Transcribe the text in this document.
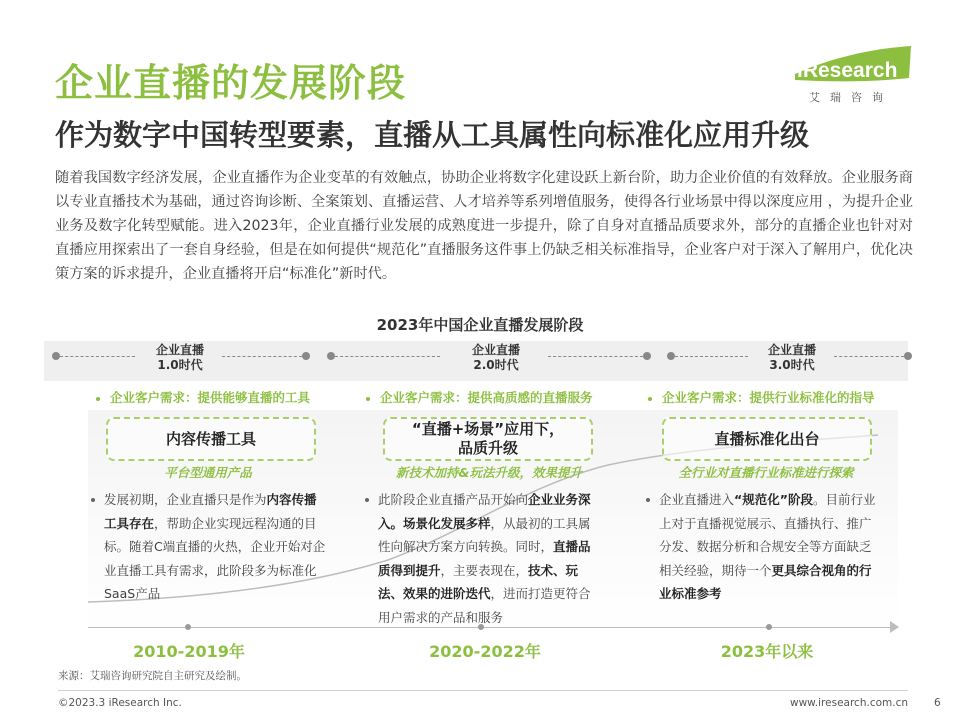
企业直播的发展阶段
作为数字中国转型要素，直播从工具属性向标准化应用升级
iResearch
艾瑞咨询

随着我国数字经济发展，企业直播作为企业变革的有效触点，协助企业将数字化建设跃上新台阶，助力企业价值的有效释放。企业服务商以专业直播技术为基础，通过咨询诊断、全案策划、直播运营、人才培养等系列增值服务，使得各行业场景中得以深度应用 ，为提升企业业务及数字化转型赋能。进入2023年，企业直播行业发展的成熟度进一步提升，除了自身对直播品质要求外，部分的直播企业也针对对直播应用探索出了一套自身经验，但是在如何提供“规范化”直播服务这件事上仍缺乏相关标准指导，企业客户对于深入了解用户，优化决策方案的诉求提升，企业直播将开启“标准化”新时代。

2023年中国企业直播发展阶段
企业直播
1.0时代
企业直播
2.0时代
企业直播
3.0时代
企业客户需求：提供能够直播的工具	企业客户需求：提供高质感的直播服务	企业客户需求：提供行业标准化的指导
内容传播工具
“直播+场景”应用下，
品质升级
直播标准化出台
平台型通用产品	新技术加持&玩法升级，效果提升	全行业对直播行业标准进行探索
发展初期，企业直播只是作为内容传播工具存在，帮助企业实现远程沟通的目标。随着C端直播的火热，企业开始对企业直播工具有需求，此阶段多为标准化SaaS产品
此阶段企业直播产品开始向企业业务深入。场景化发展多样，从最初的工具属性向解决方案方向转换。同时，直播品质得到提升，主要表现在，技术、玩法、效果的进阶迭代，进而打造更符合用户需求的产品和服务
企业直播进入“规范化”阶段。目前行业上对于直播视觉展示、直播执行、推广分发、数据分析和合规安全等方面缺乏相关经验，期待一个更具综合视角的行业标准参考
2010-2019年	2020-2022年	2023年以来
来源：艾瑞咨询研究院自主研究及绘制。
©2023.3 iResearch Inc.	www.iresearch.com.cn 6
